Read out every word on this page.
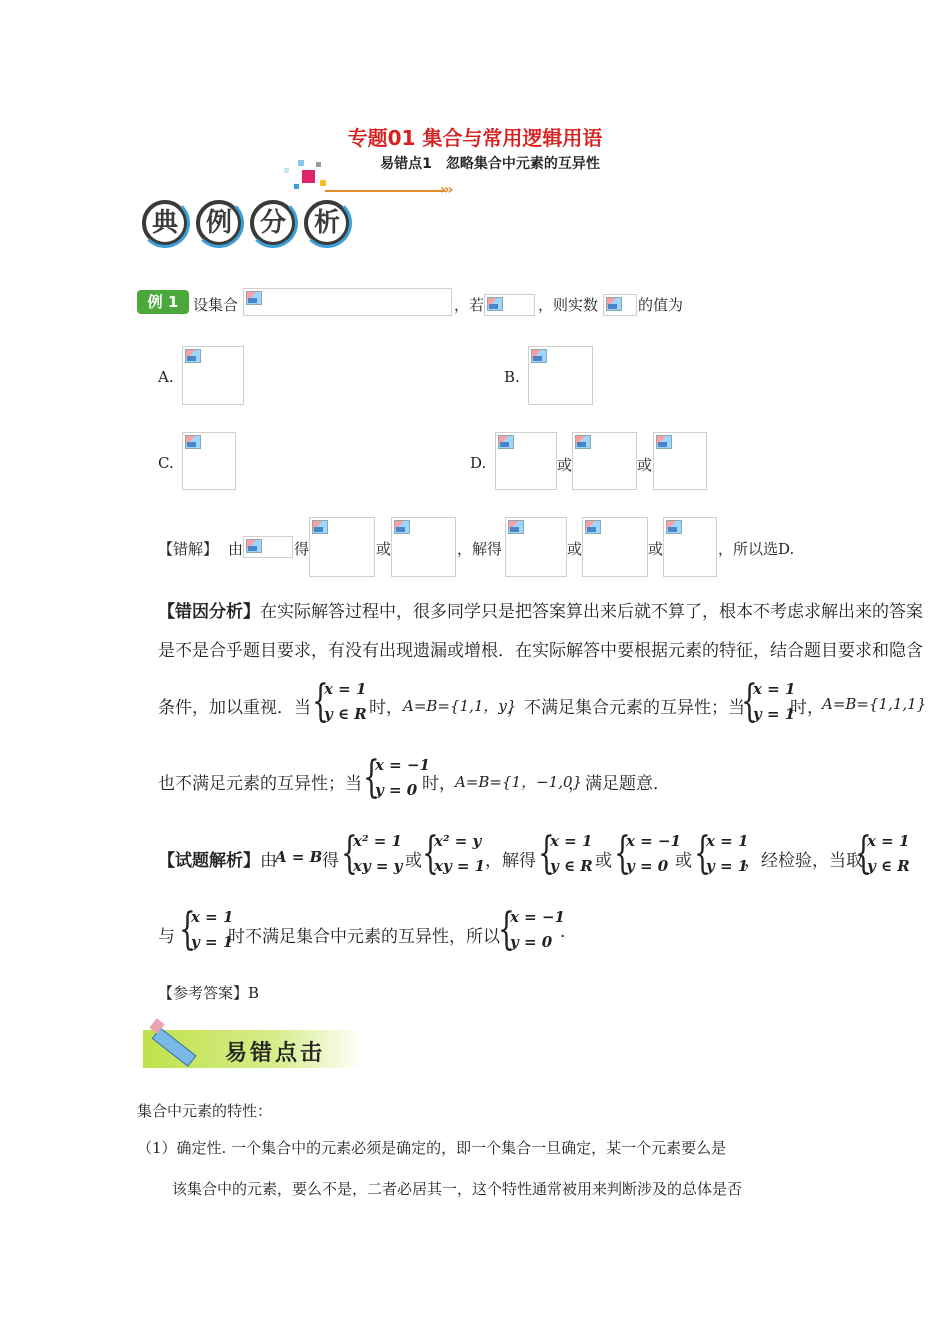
专题01 集合与常用逻辑用语
易错点1　忽略集合中元素的互异性
›››
典	例	分	析
例 1 设集合	，若	，则实数	的值为
A.	B.
C.	D.	或	或
【错解】 由	得	或	，解得	或	或	，所以选D.
【错因分析】在实际解答过程中，很多同学只是把答案算出来后就不算了，根本不考虑求解出来的答案
是不是合乎题目要求，有没有出现遗漏或增根．在实际解答中要根据元素的特征，结合题目要求和隐含
条件，加以重视．当 {
x = 1
y ∈ R 时， A=B={1,1，y}
，不满足集合元素的互异性；当
{
x = 1
y = 1
时，
A=B={1,1,1}
也不满足元素的互异性；当 {
x = −1
y = 0 时， A=B={1，−1,0}
，满足题意．
【试题解析】由
A = B 得 {
x² = 1
xy = y 或 {
x² = y
xy = 1 ，解得 {
x = 1
y ∈ R 或 {
x = −1
y = 0 或 {
x = 1
y = 1
，经检验，当取
{
x = 1
y ∈ R
与 {
x = 1
y = 1
时不满足集合中元素的互异性，所以
{
x = −1
y = 0 .
【参考答案】B
易错点击
集合中元素的特性：
（1）确定性. 一个集合中的元素必须是确定的，即一个集合一旦确定，某一个元素要么是
该集合中的元素，要么不是，二者必居其一，这个特性通常被用来判断涉及的总体是否
